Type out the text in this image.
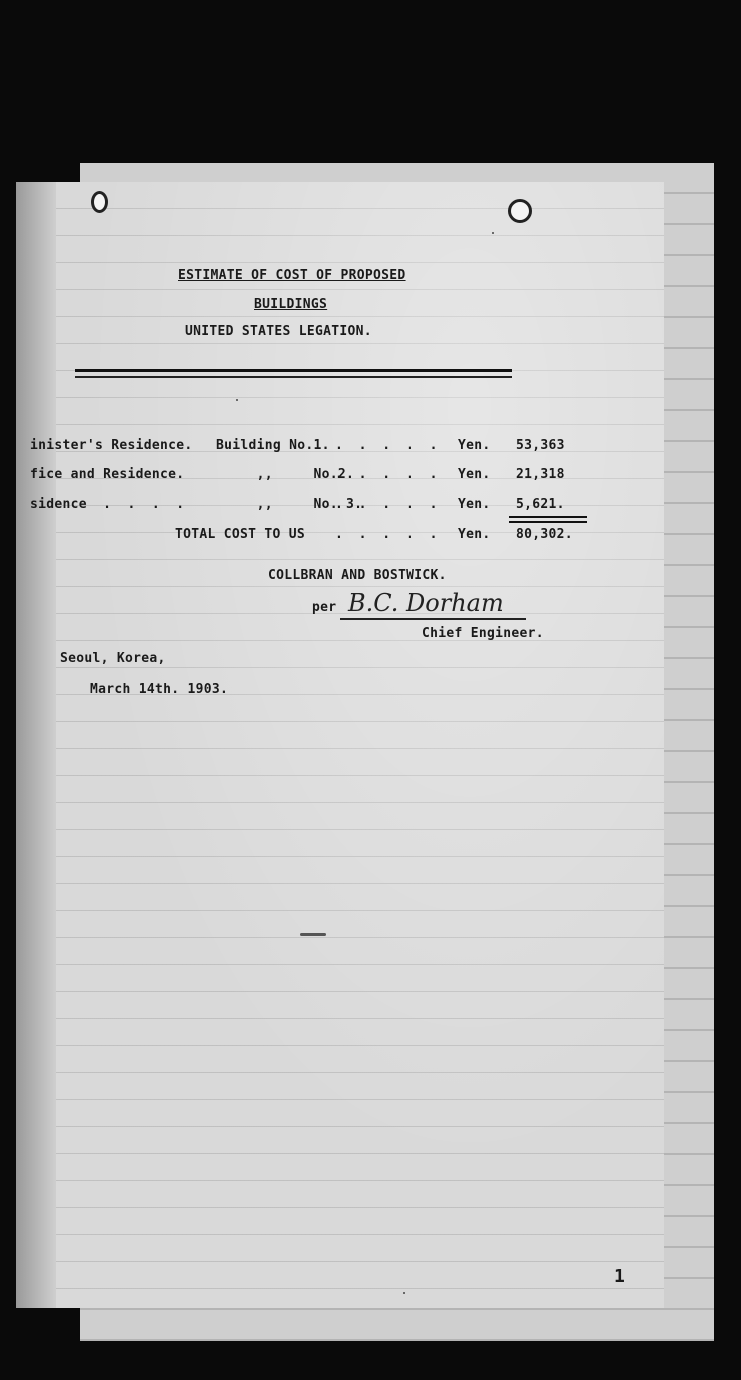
ESTIMATE OF COST OF PROPOSED
BUILDINGS
UNITED STATES LEGATION.
inister's Residence. Building No.1. . . . . . Yen. 53,363
fice and Residence. ,,     No.2.
. . . . . Yen. 21,318
sidence  .  .  .  . ,,     No. 3.
. . . . . Yen. 5,621.
TOTAL COST TO US . . . . . Yen. 80,302.
COLLBRAN AND BOSTWICK.
per B.C. Dorham
Chief Engineer.
Seoul, Korea,
March 14th. 1903.
1
